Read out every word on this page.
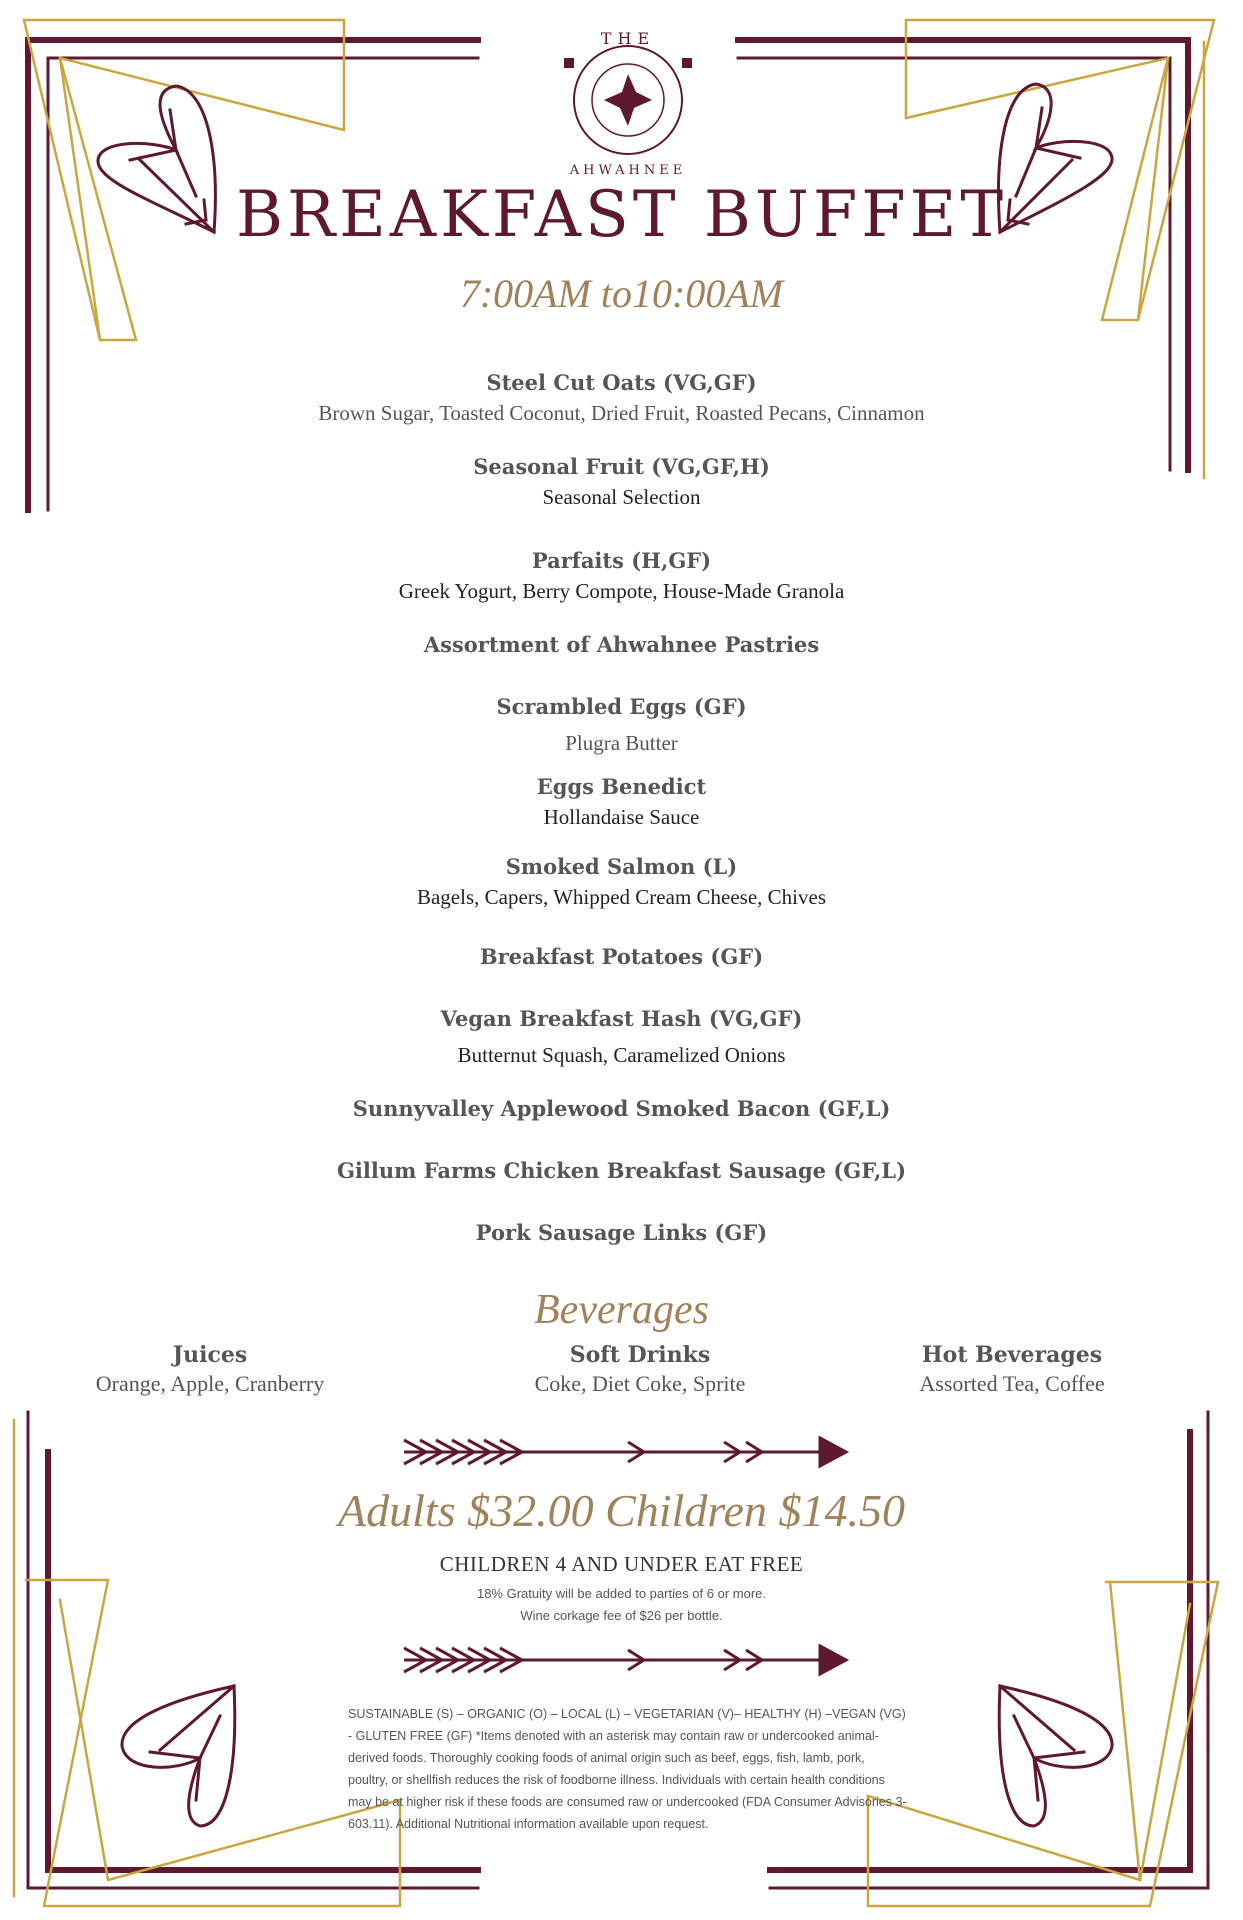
THE
AHWAHNEE
BREAKFAST BUFFET
7:00AM to10:00AM
Steel Cut Oats (VG,GF)
Brown Sugar, Toasted Coconut, Dried Fruit, Roasted Pecans, Cinnamon
Seasonal Fruit (VG,GF,H)
Seasonal Selection
Parfaits (H,GF)
Greek Yogurt, Berry Compote, House-Made Granola
Assortment of Ahwahnee Pastries
Scrambled Eggs (GF)
Plugra Butter
Eggs Benedict
Hollandaise Sauce
Smoked Salmon (L)
Bagels, Capers, Whipped Cream Cheese, Chives
Breakfast Potatoes (GF)
Vegan Breakfast Hash (VG,GF)
Butternut Squash, Caramelized Onions
Sunnyvalley Applewood Smoked Bacon (GF,L)
Gillum Farms Chicken Breakfast Sausage (GF,L)
Pork Sausage Links (GF)
Beverages
Juices
Orange, Apple, Cranberry
Soft Drinks
Coke, Diet Coke, Sprite
Hot Beverages
Assorted Tea, Coffee
Adults $32.00 Children $14.50
CHILDREN 4 AND UNDER EAT FREE
18% Gratuity will be added to parties of 6 or more.
Wine corkage fee of $26 per bottle.
SUSTAINABLE (S) – ORGANIC (O) – LOCAL (L) – VEGETARIAN (V)– HEALTHY (H) –VEGAN (VG) - GLUTEN FREE (GF) *Items denoted with an asterisk may contain raw or undercooked animal-derived foods. Thoroughly cooking foods of animal origin such as beef, eggs, fish, lamb, pork, poultry, or shellfish reduces the risk of foodborne illness. Individuals with certain health conditions may be at higher risk if these foods are consumed raw or undercooked (FDA Consumer Advisories 3-603.11). Additional Nutritional information available upon request.
